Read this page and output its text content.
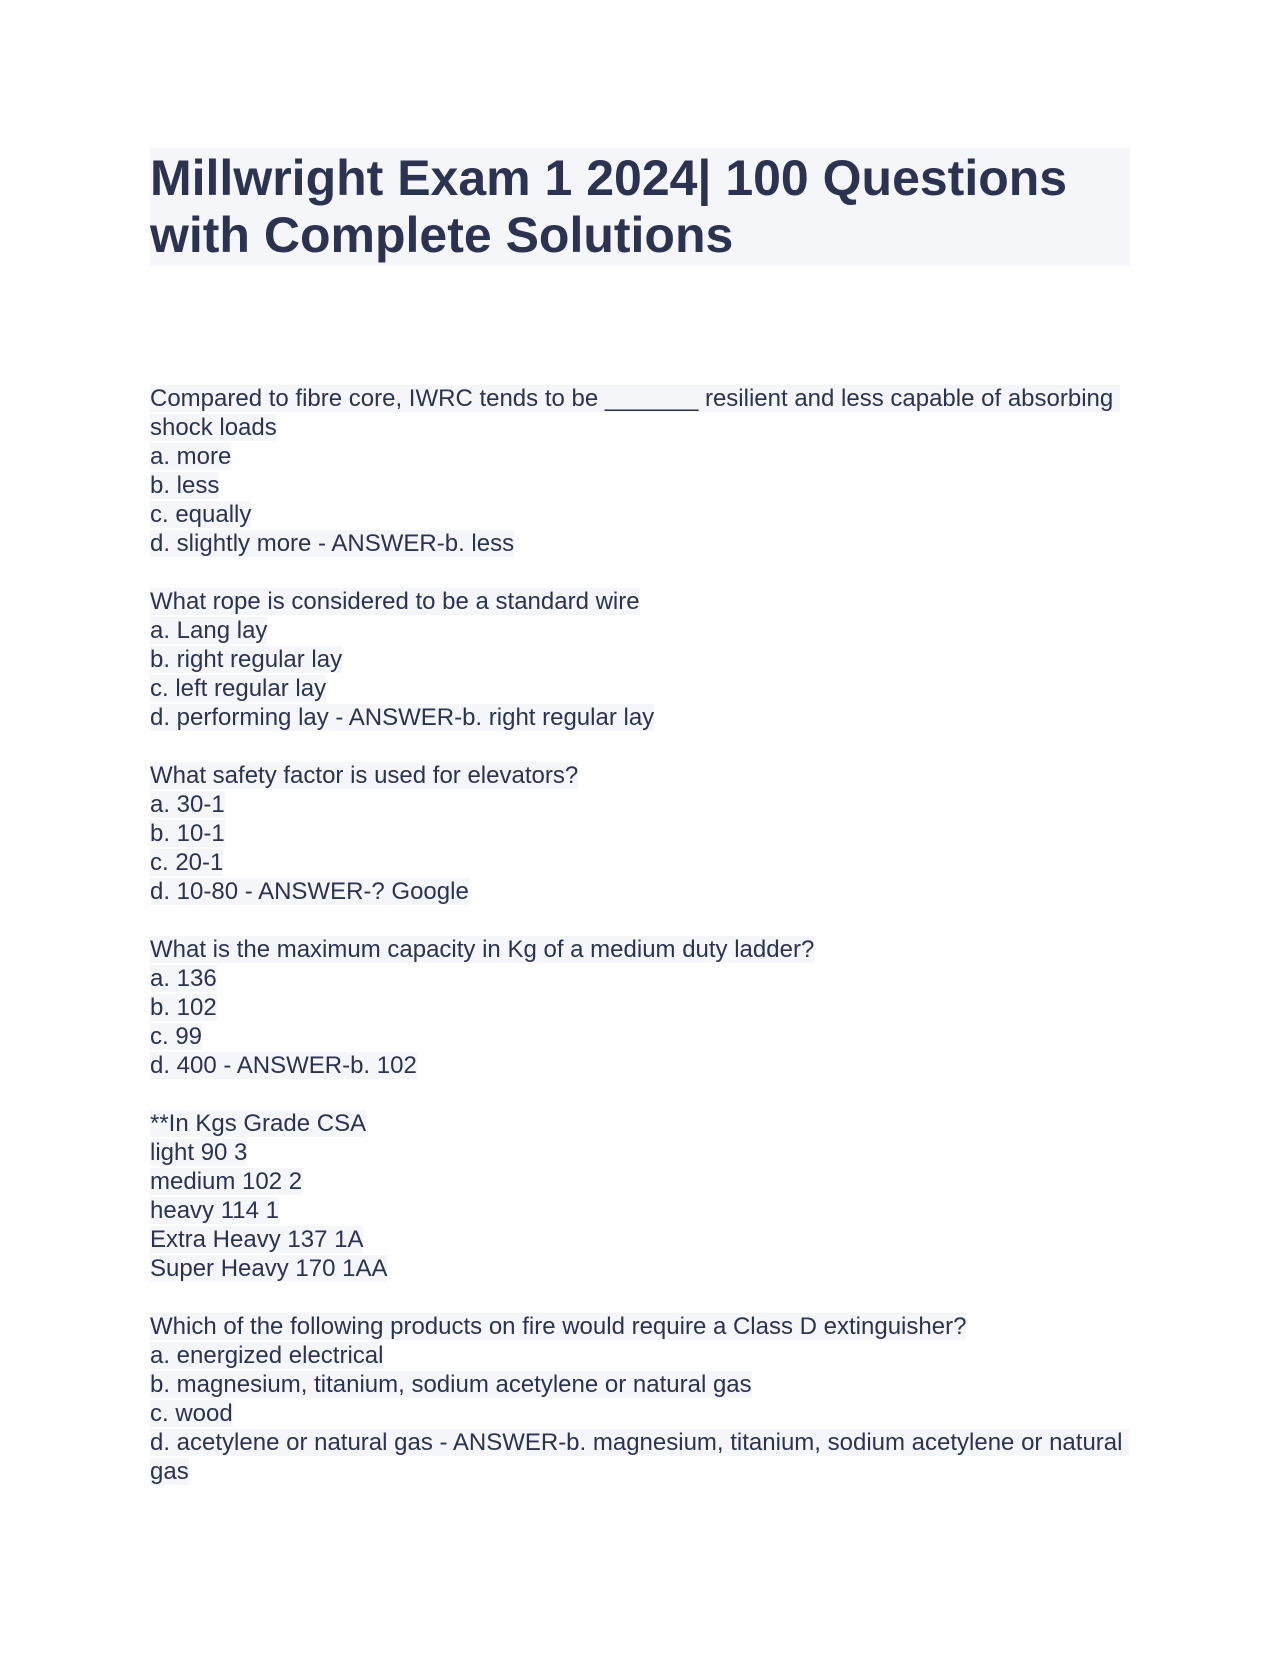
Millwright Exam 1 2024| 100 Questions with Complete Solutions
Compared to fibre core, IWRC tends to be _______ resilient and less capable of absorbing shock loads
a. more
b. less
c. equally
d. slightly more - ANSWER-b. less
What rope is considered to be a standard wire
a. Lang lay
b. right regular lay
c. left regular lay
d. performing lay - ANSWER-b. right regular lay
What safety factor is used for elevators?
a. 30-1
b. 10-1
c. 20-1
d. 10-80 - ANSWER-? Google
What is the maximum capacity in Kg of a medium duty ladder?
a. 136
b. 102
c. 99
d. 400 - ANSWER-b. 102
**In Kgs Grade CSA
light 90 3
medium 102 2
heavy 114 1
Extra Heavy 137 1A
Super Heavy 170 1AA
Which of the following products on fire would require a Class D extinguisher?
a. energized electrical
b. magnesium, titanium, sodium acetylene or natural gas
c. wood
d. acetylene or natural gas - ANSWER-b. magnesium, titanium, sodium acetylene or natural gas
